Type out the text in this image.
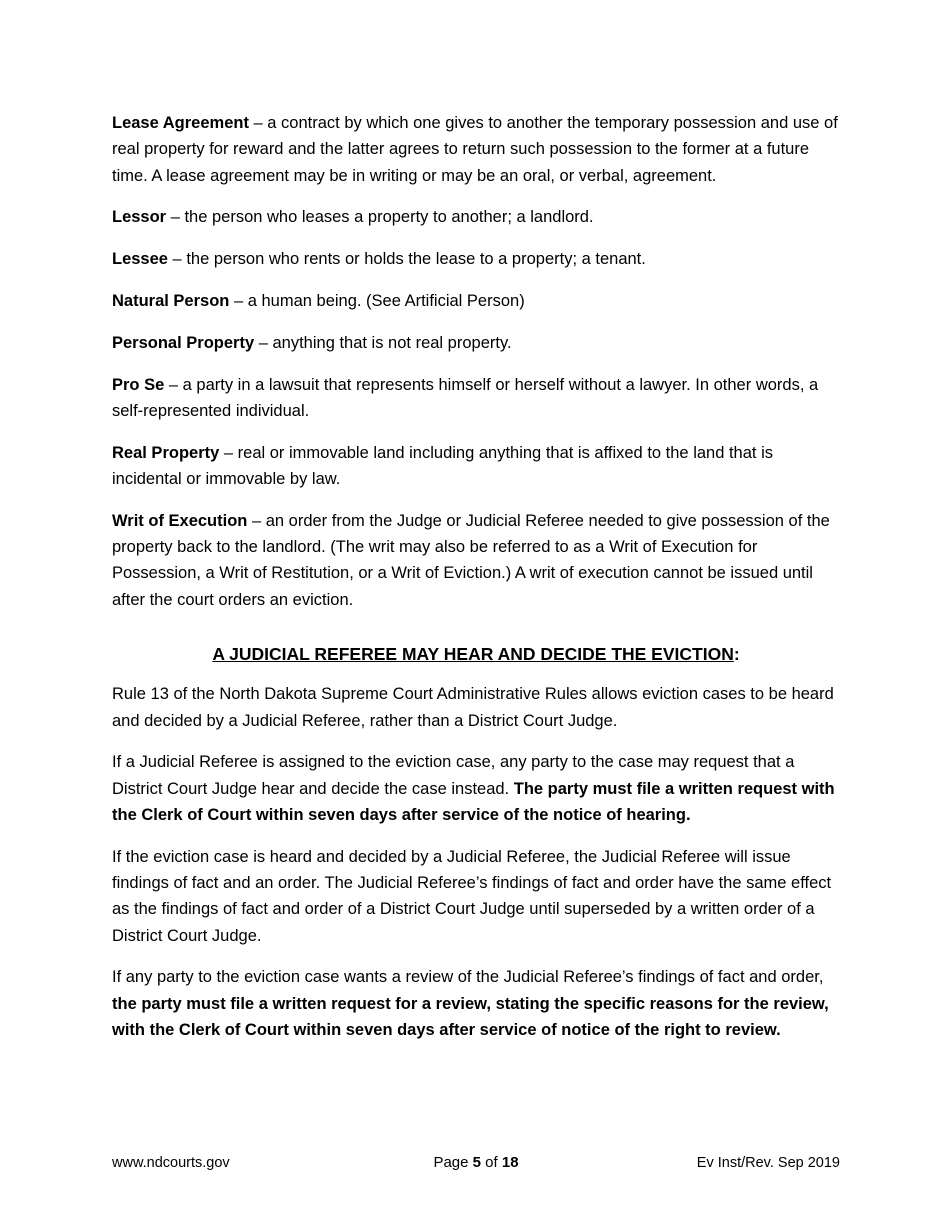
Lease Agreement – a contract by which one gives to another the temporary possession and use of real property for reward and the latter agrees to return such possession to the former at a future time. A lease agreement may be in writing or may be an oral, or verbal, agreement.

Lessor – the person who leases a property to another; a landlord.

Lessee – the person who rents or holds the lease to a property; a tenant.

Natural Person – a human being. (See Artificial Person)

Personal Property – anything that is not real property.

Pro Se – a party in a lawsuit that represents himself or herself without a lawyer. In other words, a self-represented individual.

Real Property – real or immovable land including anything that is affixed to the land that is incidental or immovable by law.

Writ of Execution – an order from the Judge or Judicial Referee needed to give possession of the property back to the landlord. (The writ may also be referred to as a Writ of Execution for Possession, a Writ of Restitution, or a Writ of Eviction.) A writ of execution cannot be issued until after the court orders an eviction.

A JUDICIAL REFEREE MAY HEAR AND DECIDE THE EVICTION:

Rule 13 of the North Dakota Supreme Court Administrative Rules allows eviction cases to be heard and decided by a Judicial Referee, rather than a District Court Judge.

If a Judicial Referee is assigned to the eviction case, any party to the case may request that a District Court Judge hear and decide the case instead. The party must file a written request with the Clerk of Court within seven days after service of the notice of hearing.

If the eviction case is heard and decided by a Judicial Referee, the Judicial Referee will issue findings of fact and an order. The Judicial Referee’s findings of fact and order have the same effect as the findings of fact and order of a District Court Judge until superseded by a written order of a District Court Judge.

If any party to the eviction case wants a review of the Judicial Referee’s findings of fact and order, the party must file a written request for a review, stating the specific reasons for the review, with the Clerk of Court within seven days after service of notice of the right to review.

www.ndcourts.gov	Page 5 of 18	Ev Inst/Rev. Sep 2019
